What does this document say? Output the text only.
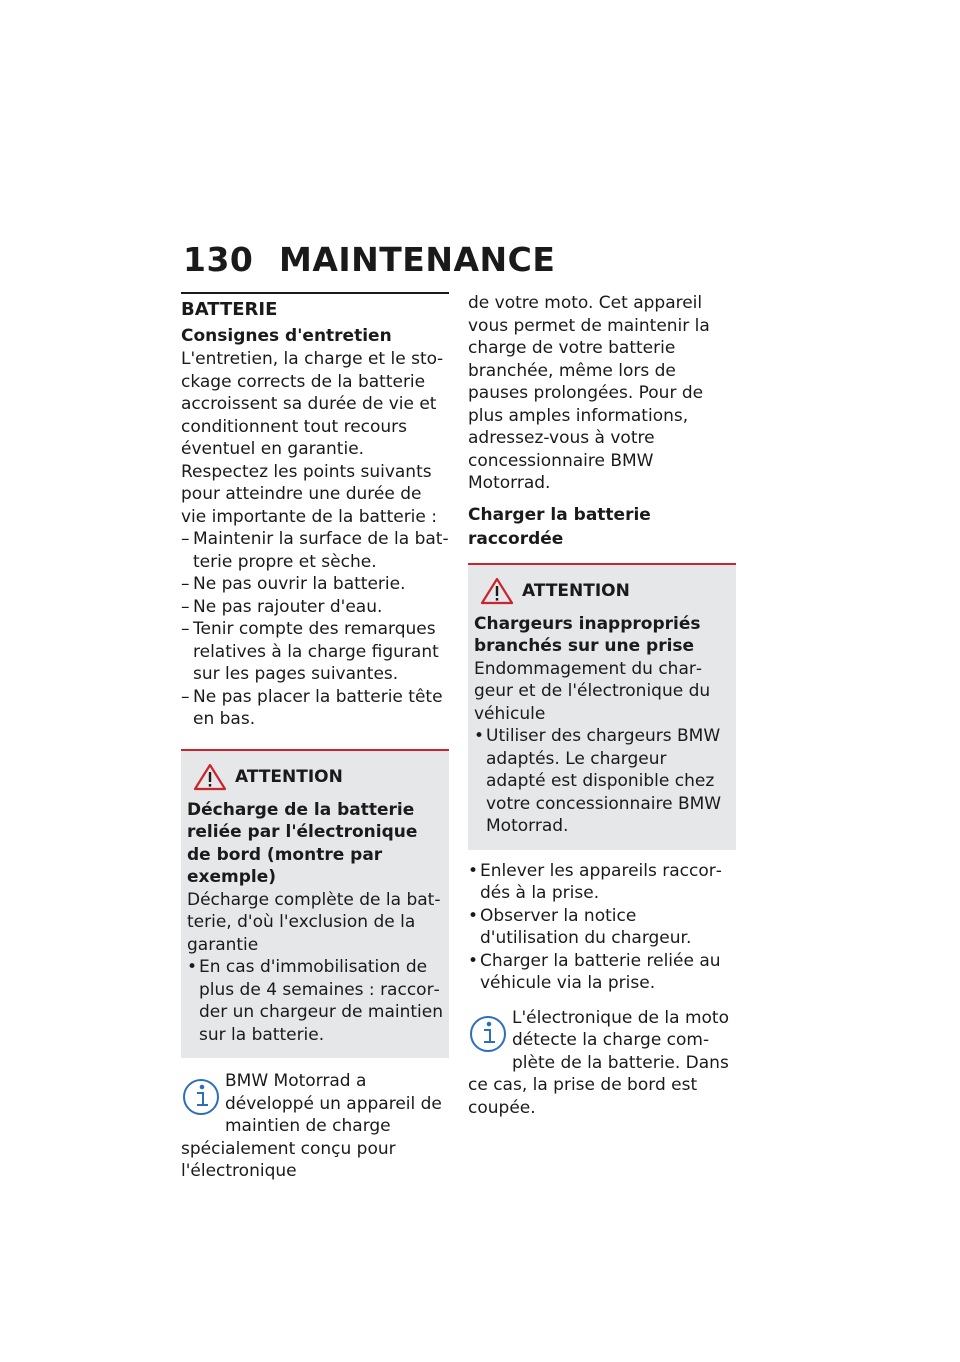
130 MAINTENANCE

BATTERIE

Consignes d'entretien

L'entretien, la charge et le stockage corrects de la batterie accroissent sa durée de vie et conditionnent tout recours éventuel en garantie.

Respectez les points suivants pour atteindre une durée de vie importante de la batterie :

– Maintenir la surface de la batterie propre et sèche.
– Ne pas ouvrir la batterie.
– Ne pas rajouter d'eau.
– Tenir compte des remarques relatives à la charge figurant sur les pages suivantes.
– Ne pas placer la batterie tête en bas.
ATTENTION

Décharge de la batterie reliée par l'électronique de bord (montre par exemple)

Décharge complète de la batterie, d'où l'exclusion de la garantie

• En cas d'immobilisation de plus de 4 semaines : raccorder un chargeur de maintien sur la batterie.
BMW Motorrad a développé un appareil de maintien de charge spécialement conçu pour l'électronique

de votre moto. Cet appareil vous permet de maintenir la charge de votre batterie branchée, même lors de pauses prolongées. Pour de plus amples informations, adressez-vous à votre concessionnaire BMW Motorrad.

Charger la batterie raccordée

ATTENTION

Chargeurs inappropriés branchés sur une prise

Endommagement du chargeur et de l'électronique du véhicule

• Utiliser des chargeurs BMW adaptés. Le chargeur adapté est disponible chez votre concessionnaire BMW Motorrad.
• Enlever les appareils raccordés à la prise.
• Observer la notice d'utilisation du chargeur.
• Charger la batterie reliée au véhicule via la prise.
L'électronique de la moto détecte la charge complète de la batterie. Dans ce cas, la prise de bord est coupée.
